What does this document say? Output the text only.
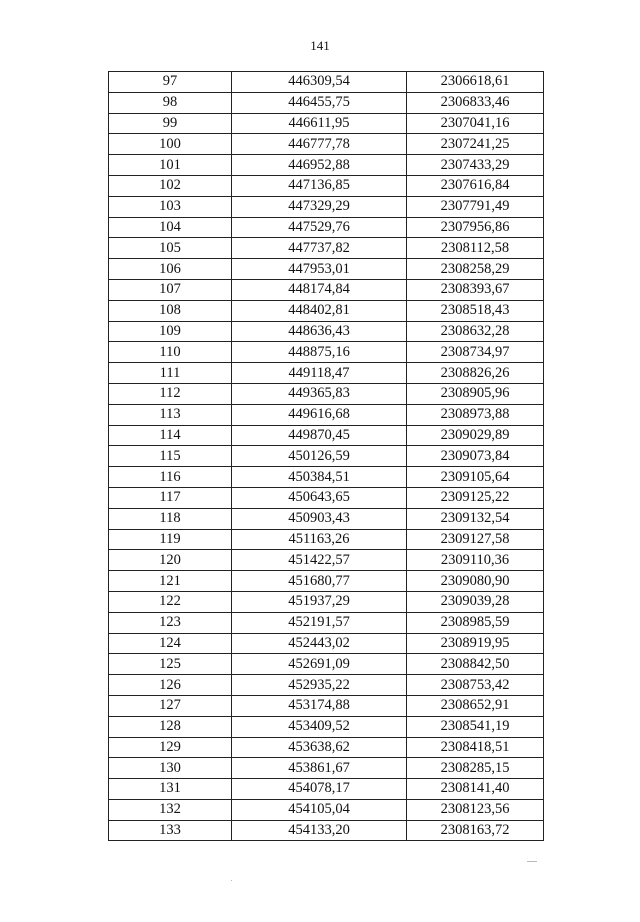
141
97	446309,54	2306618,61
98	446455,75	2306833,46
99	446611,95	2307041,16
100	446777,78	2307241,25
101	446952,88	2307433,29
102	447136,85	2307616,84
103	447329,29	2307791,49
104	447529,76	2307956,86
105	447737,82	2308112,58
106	447953,01	2308258,29
107	448174,84	2308393,67
108	448402,81	2308518,43
109	448636,43	2308632,28
110	448875,16	2308734,97
111	449118,47	2308826,26
112	449365,83	2308905,96
113	449616,68	2308973,88
114	449870,45	2309029,89
115	450126,59	2309073,84
116	450384,51	2309105,64
117	450643,65	2309125,22
118	450903,43	2309132,54
119	451163,26	2309127,58
120	451422,57	2309110,36
121	451680,77	2309080,90
122	451937,29	2309039,28
123	452191,57	2308985,59
124	452443,02	2308919,95
125	452691,09	2308842,50
126	452935,22	2308753,42
127	453174,88	2308652,91
128	453409,52	2308541,19
129	453638,62	2308418,51
130	453861,67	2308285,15
131	454078,17	2308141,40
132	454105,04	2308123,56
133	454133,20	2308163,72
